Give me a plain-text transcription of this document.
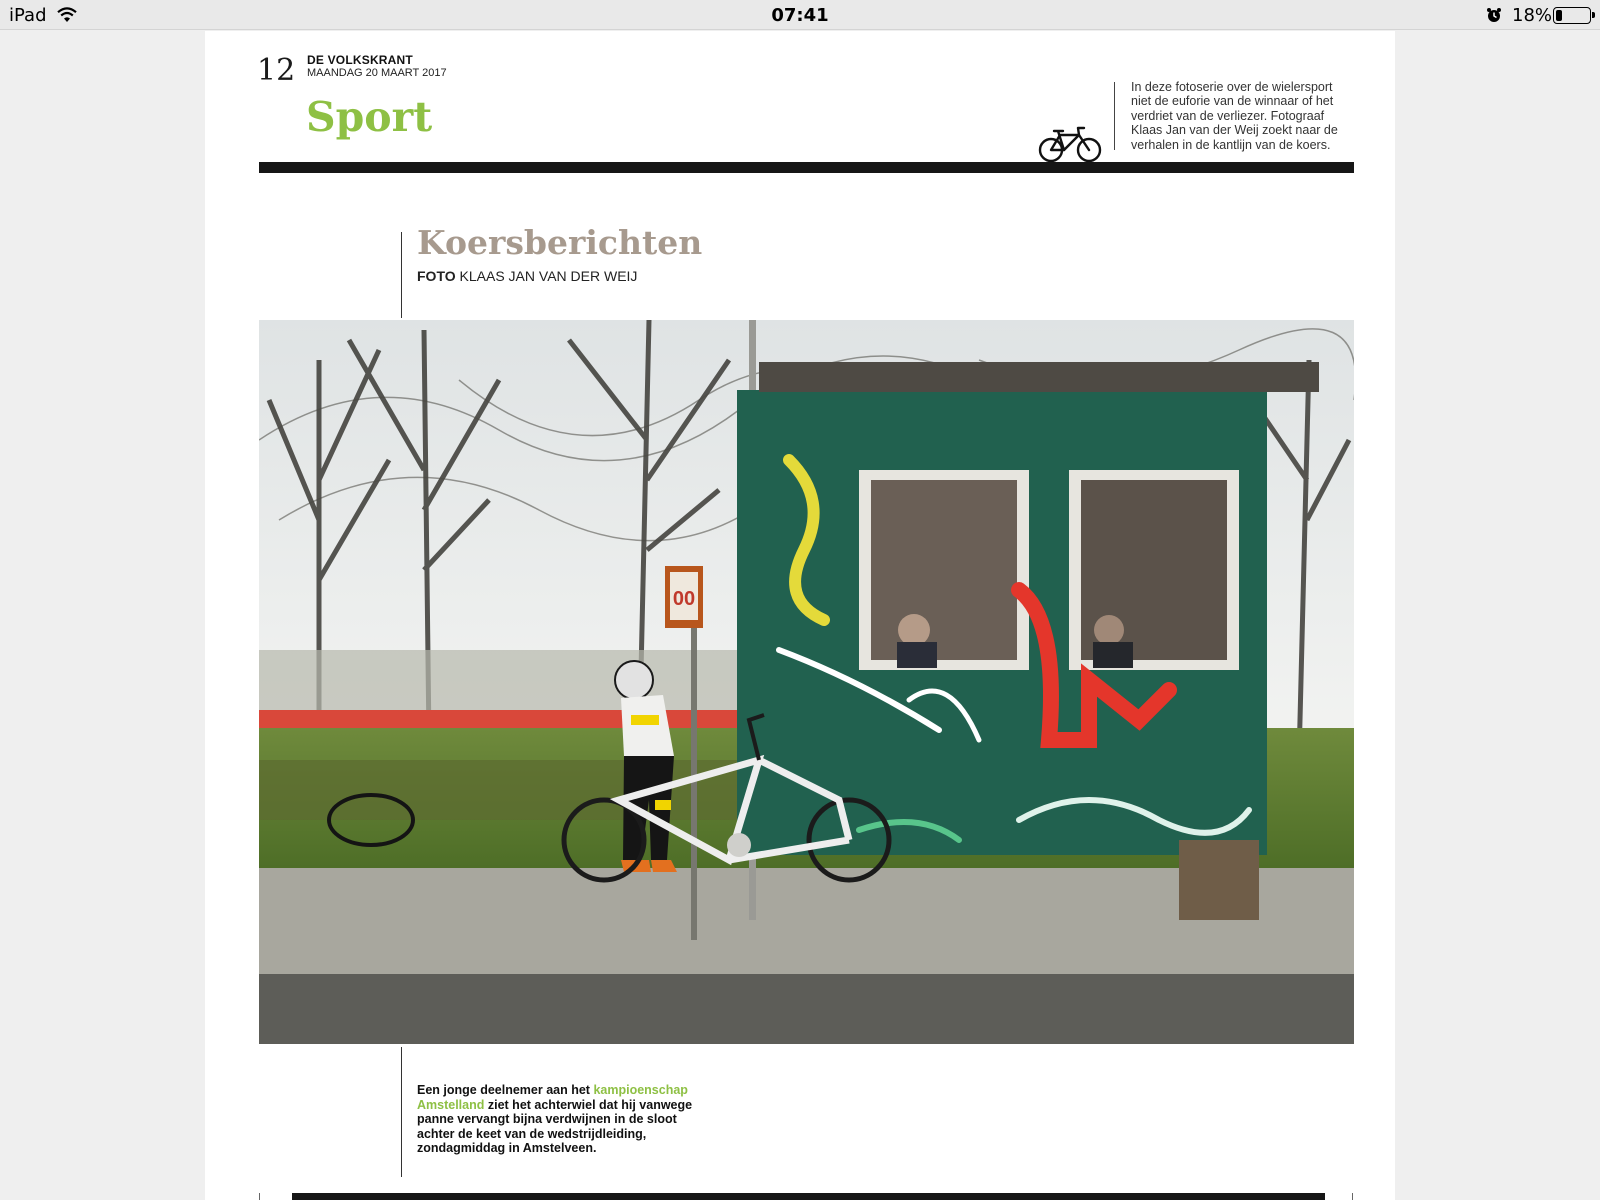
iPad	07:41	18%
12 DE VOLKSKRANT
MAANDAG 20 MAART 2017
Sport
In deze fotoserie over de wielersport niet de euforie van de winnaar of het verdriet van de verliezer. Fotograaf Klaas Jan van der Weij zoekt naar de verhalen in de kantlijn van de koers.
Koersberichten
FOTO KLAAS JAN VAN DER WEIJ
00
Een jonge deelnemer aan het kampioenschap Amstelland ziet het achterwiel dat hij vanwege panne vervangt bijna verdwijnen in de sloot achter de keet van de wedstrijdleiding, zondagmiddag in Amstelveen.
